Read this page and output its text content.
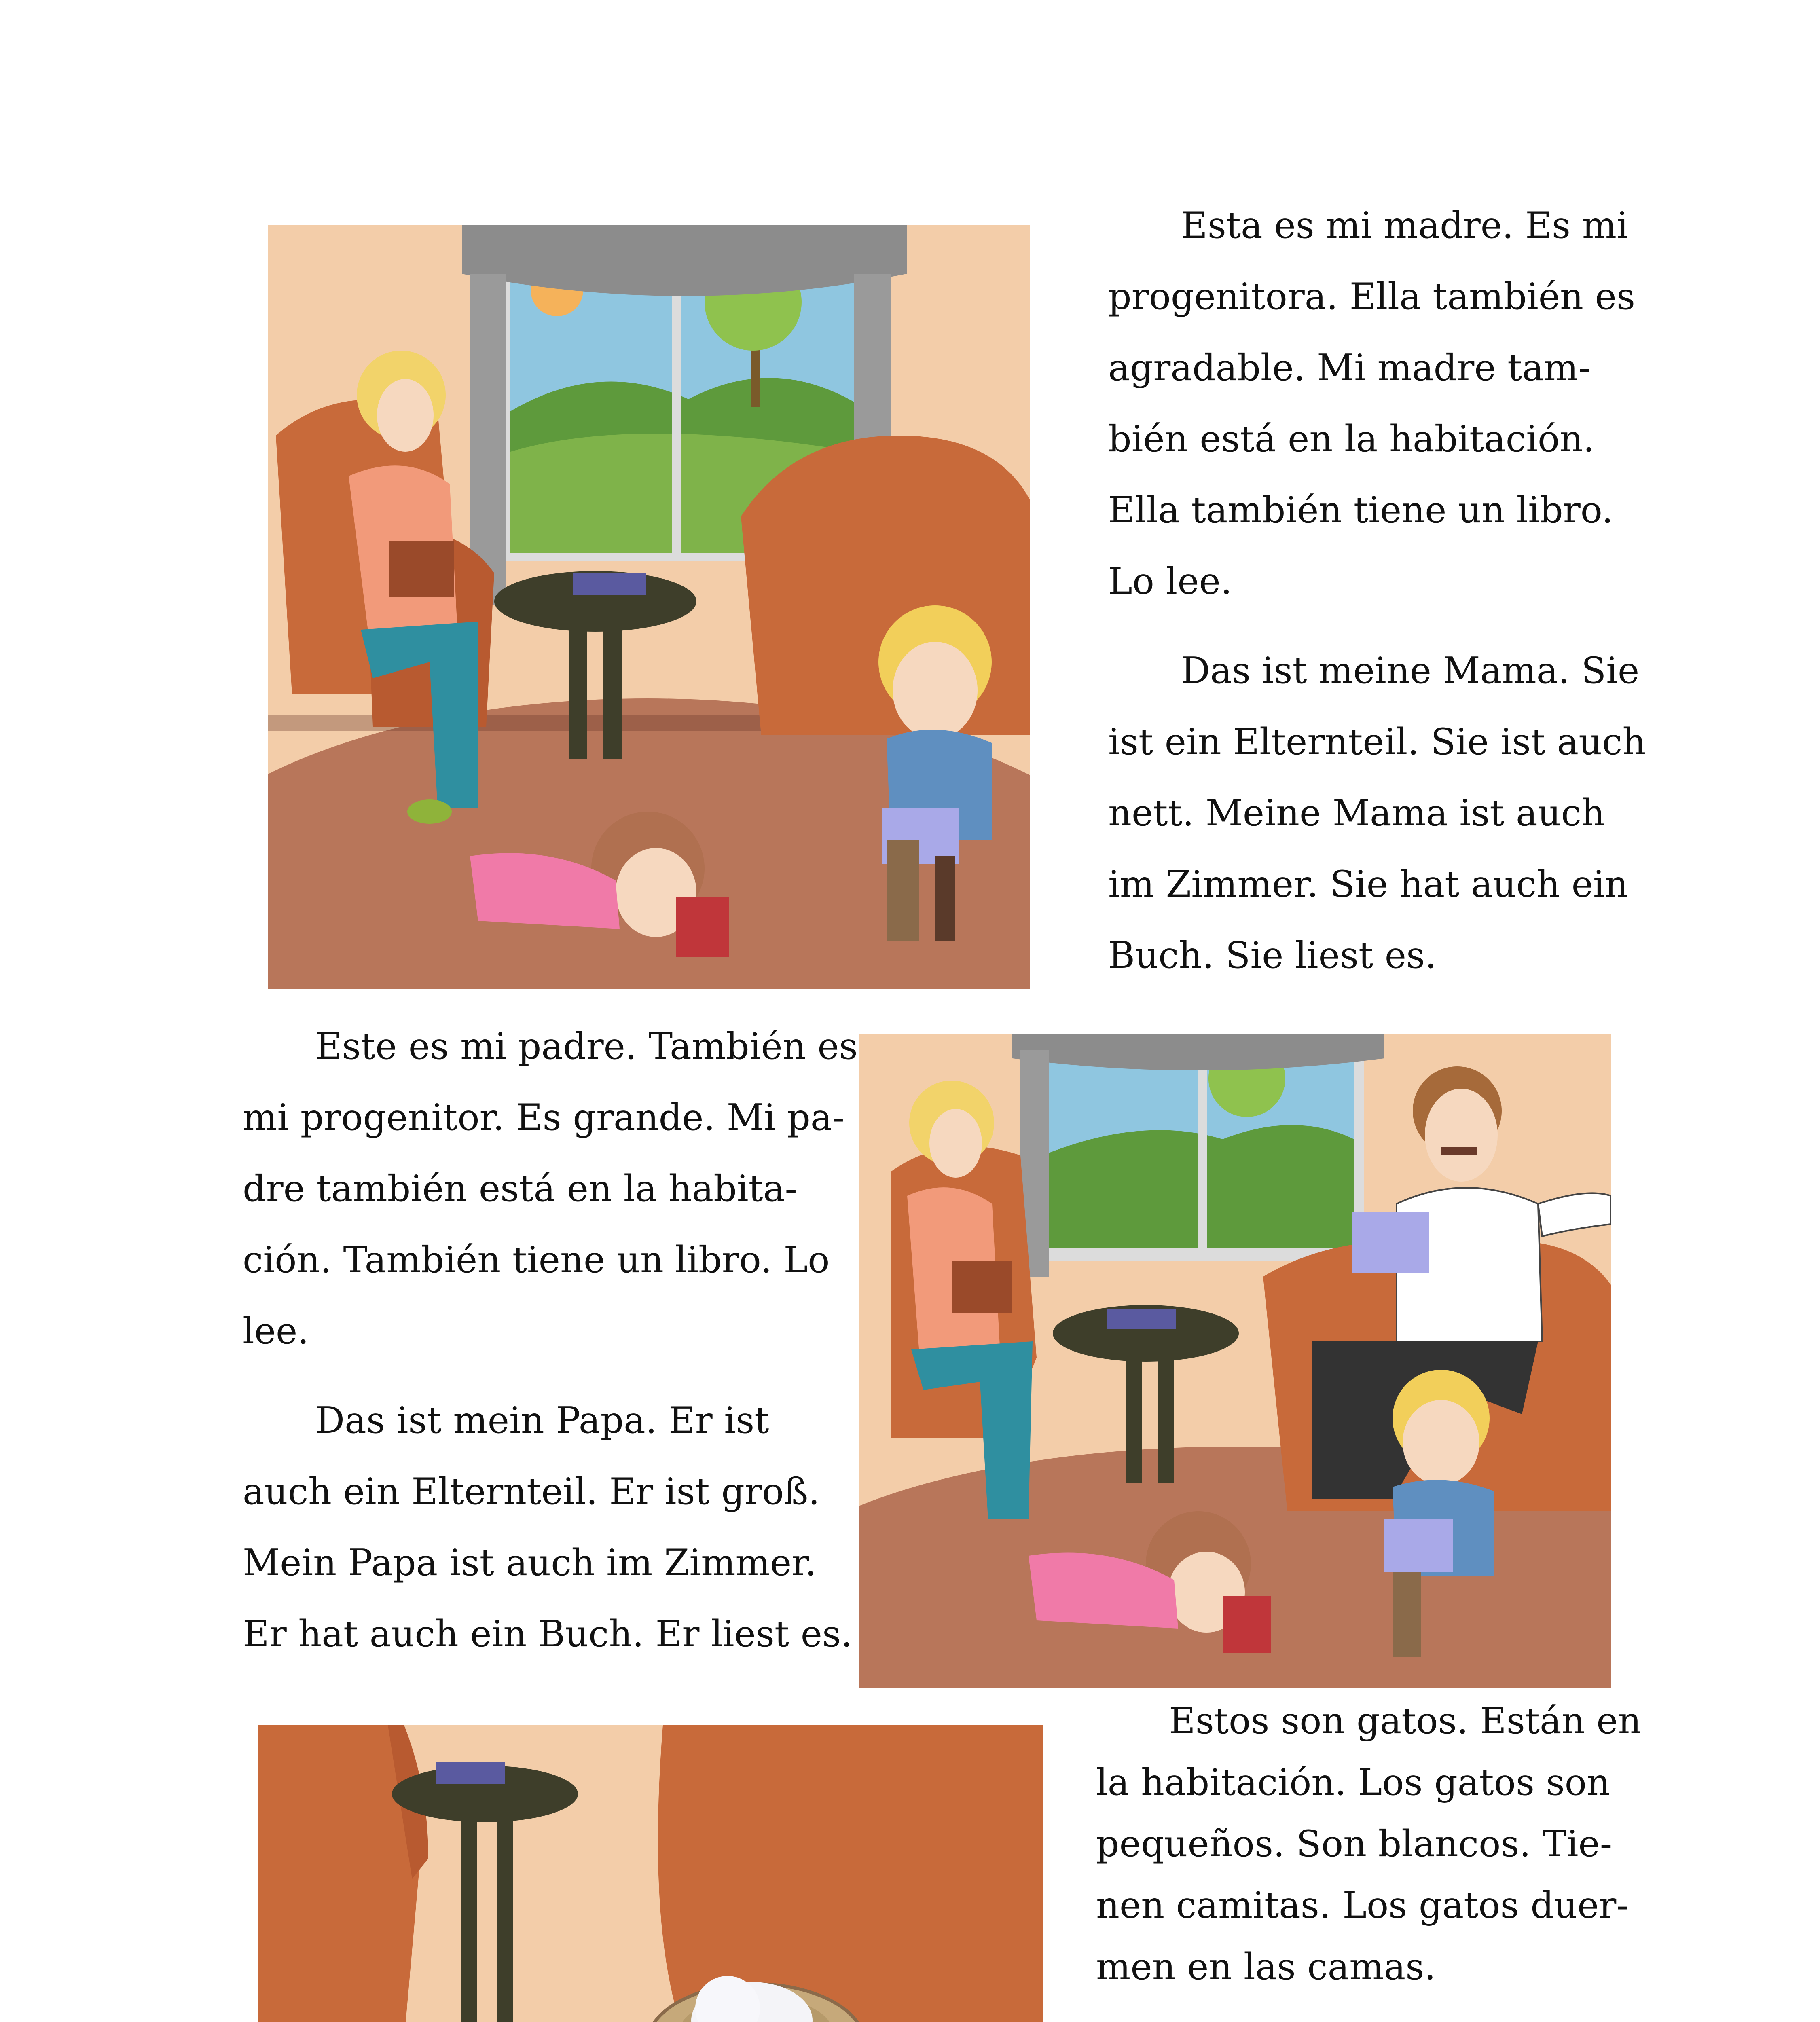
Esta es mi madre. Es mi
progenitora. Ella también es
agradable. Mi madre tam-
bién está en la habitación.
Ella también tiene un libro.
Lo lee.

Das ist meine Mama. Sie
ist ein Elternteil. Sie ist auch
nett. Meine Mama ist auch
im Zimmer. Sie hat auch ein
Buch. Sie liest es.

Este es mi padre. También es
mi progenitor. Es grande. Mi pa-
dre también está en la habita-
ción. También tiene un libro. Lo
lee.

Das ist mein Papa. Er ist
auch ein Elternteil. Er ist groß.
Mein Papa ist auch im Zimmer.
Er hat auch ein Buch. Er liest es.

Estos son gatos. Están en
la habitación. Los gatos son
pequeños. Son blancos. Tie-
nen camitas. Los gatos duer-
men en las camas.
